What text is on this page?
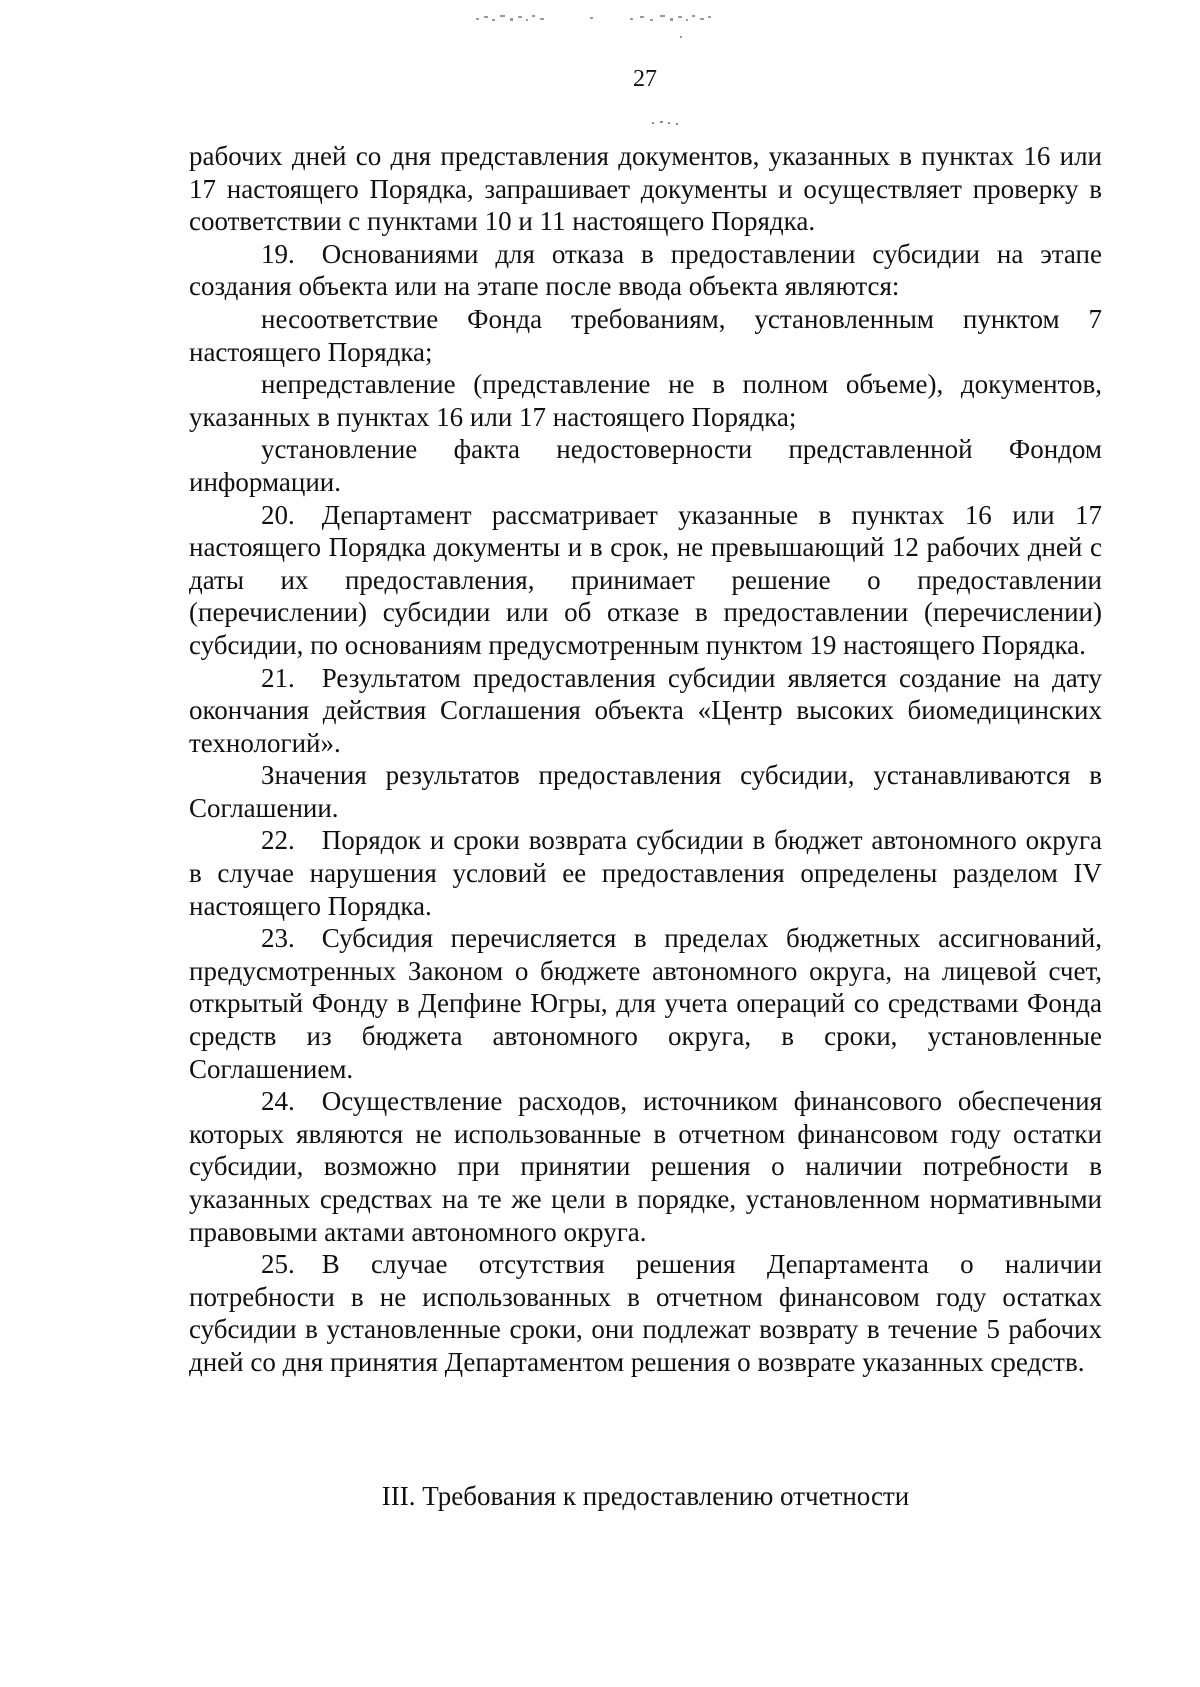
27

рабочих дней со дня представления документов, указанных в пунктах 16 или 17 настоящего Порядка, запрашивает документы и осуществляет проверку в соответствии с пунктами 10 и 11 настоящего Порядка.

19. Основаниями для отказа в предоставлении субсидии на этапе создания объекта или на этапе после ввода объекта являются:

несоответствие Фонда требованиям, установленным пунктом 7 настоящего Порядка;

непредставление (представление не в полном объеме), документов, указанных в пунктах 16 или 17 настоящего Порядка;

установление факта недостоверности представленной Фондом информации.

20. Департамент рассматривает указанные в пунктах 16 или 17 настоящего Порядка документы и в срок, не превышающий 12 рабочих дней с даты их предоставления, принимает решение о предоставлении (перечислении) субсидии или об отказе в предоставлении (перечислении) субсидии, по основаниям предусмотренным пунктом 19 настоящего Порядка.

21. Результатом предоставления субсидии является создание на дату окончания действия Соглашения объекта «Центр высоких биомедицинских технологий».

Значения результатов предоставления субсидии, устанавливаются в Соглашении.

22. Порядок и сроки возврата субсидии в бюджет автономного округа в случае нарушения условий ее предоставления определены разделом IV настоящего Порядка.

23. Субсидия перечисляется в пределах бюджетных ассигнований, предусмотренных Законом о бюджете автономного округа, на лицевой счет, открытый Фонду в Депфине Югры, для учета операций со средствами Фонда средств из бюджета автономного округа, в сроки, установленные Соглашением.

24. Осуществление расходов, источником финансового обеспечения которых являются не использованные в отчетном финансовом году остатки субсидии, возможно при принятии решения о наличии потребности в указанных средствах на те же цели в порядке, установленном нормативными правовыми актами автономного округа.

25. В случае отсутствия решения Департамента о наличии потребности в не использованных в отчетном финансовом году остатках субсидии в установленные сроки, они подлежат возврату в течение 5 рабочих дней со дня принятия Департаментом решения о возврате указанных средств.

III. Требования к предоставлению отчетности
